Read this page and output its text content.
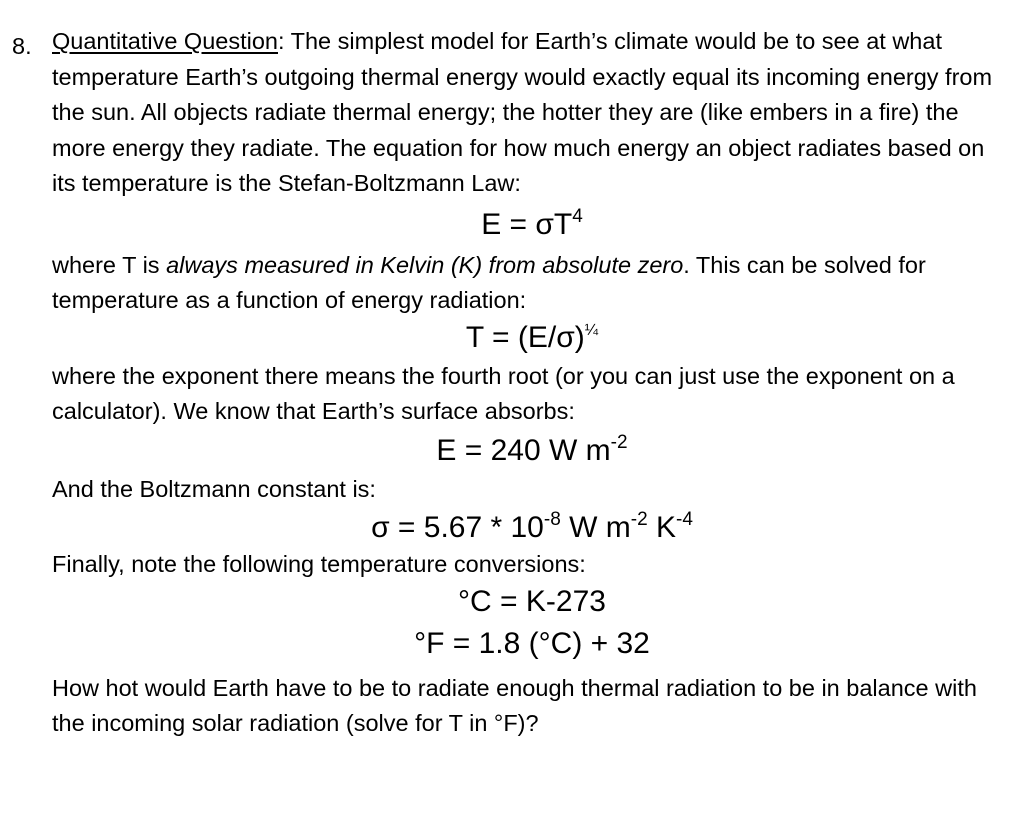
8. Quantitative Question: The simplest model for Earth’s climate would be to see at what temperature Earth’s outgoing thermal energy would exactly equal its incoming energy from the sun. All objects radiate thermal energy; the hotter they are (like embers in a fire) the more energy they radiate. The equation for how much energy an object radiates based on its temperature is the Stefan-Boltzmann Law:

$E = \sigma T^4$

where T is always measured in Kelvin (K) from absolute zero. This can be solved for temperature as a function of energy radiation:

$T = (E/\sigma)^{\frac{1}{4}}$

where the exponent there means the fourth root (or you can just use the exponent on a calculator). We know that Earth’s surface absorbs:

E = 240 W $m^{-2}$

And the Boltzmann constant is:

$\sigma = 5.67 * 10^{-8}$ W $m^{-2}$ $K^{-4}$

Finally, note the following temperature conversions:

°C = K-273
°F = 1.8 (°C) + 32

How hot would Earth have to be to radiate enough thermal radiation to be in balance with the incoming solar radiation (solve for T in °F)?
